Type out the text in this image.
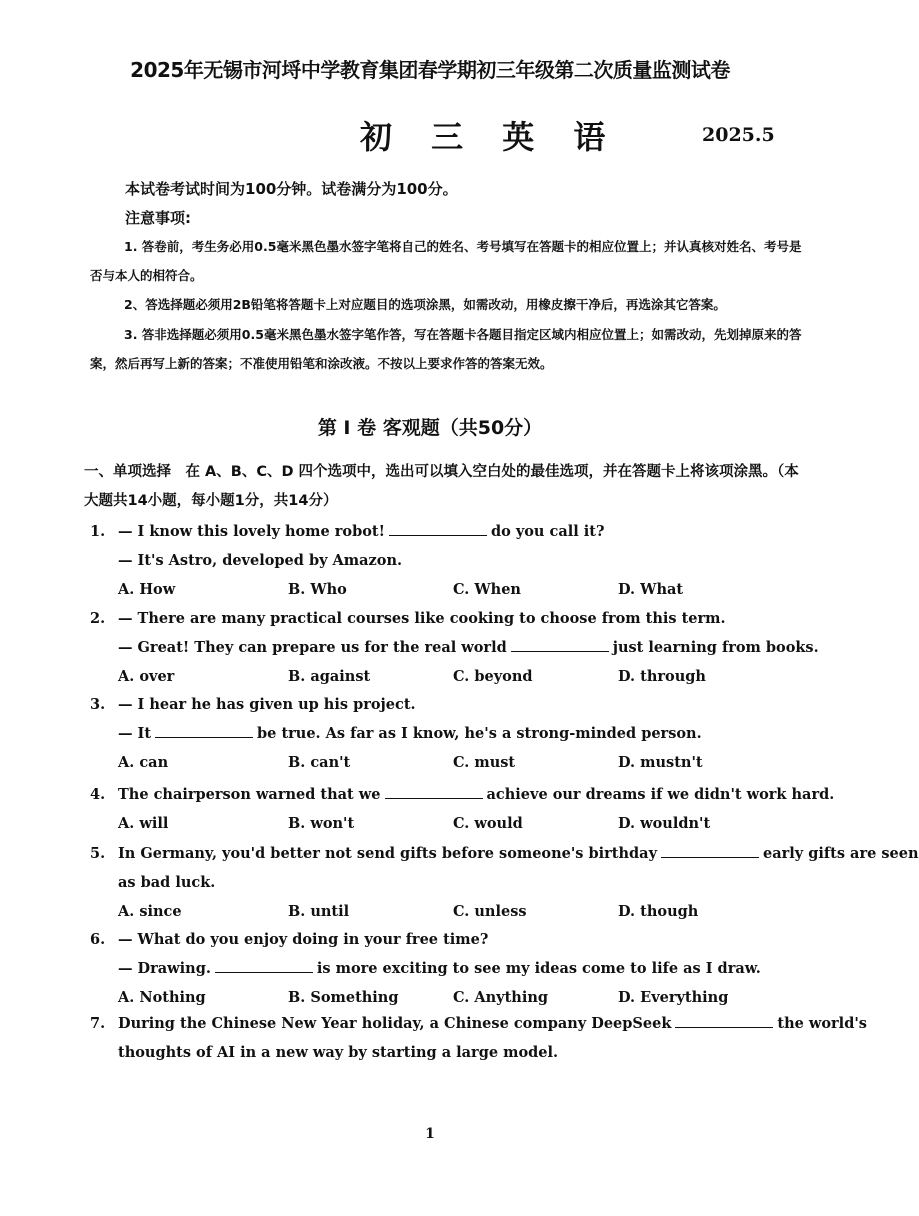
2025年无锡市河埒中学教育集团春学期初三年级第二次质量监测试卷
初 三 英 语	2025.5
本试卷考试时间为100分钟。试卷满分为100分。
注意事项:
1. 答卷前，考生务必用0.5毫米黑色墨水签字笔将自己的姓名、考号填写在答题卡的相应位置上；并认真核对姓名、考号是否与本人的相符合。
2、答选择题必须用2B铅笔将答题卡上对应题目的选项涂黑，如需改动，用橡皮擦干净后，再选涂其它答案。
3. 答非选择题必须用0.5毫米黑色墨水签字笔作答，写在答题卡各题目指定区域内相应位置上；如需改动，先划掉原来的答案，然后再写上新的答案；不准使用铅笔和涂改液。不按以上要求作答的答案无效。
第 I 卷 客观题（共50分）
一、单项选择　在 A、B、C、D 四个选项中，选出可以填入空白处的最佳选项，并在答题卡上将该项涂黑。（本大题共14小题，每小题1分，共14分）
1. — I know this lovely home robot!	do you call it?
— It's Astro, developed by Amazon.
A. How	B. Who	C. When	D. What
2. — There are many practical courses like cooking to choose from this term.
— Great! They can prepare us for the real world	just learning from books.
A. over	B. against	C. beyond	D. through
3. — I hear he has given up his project.
— It	be true. As far as I know, he's a strong-minded person.
A. can	B. can't	C. must	D. mustn't
4. The chairperson warned that we	achieve our dreams if we didn't work hard.
A. will	B. won't	C. would	D. wouldn't
5. In Germany, you'd better not send gifts before someone's birthday	early gifts are seen
as bad luck.
A. since	B. until	C. unless	D. though
6. — What do you enjoy doing in your free time?
— Drawing.	is more exciting to see my ideas come to life as I draw.
A. Nothing	B. Something	C. Anything	D. Everything
7. During the Chinese New Year holiday, a Chinese company DeepSeek	the world's
thoughts of AI in a new way by starting a large model.
1
